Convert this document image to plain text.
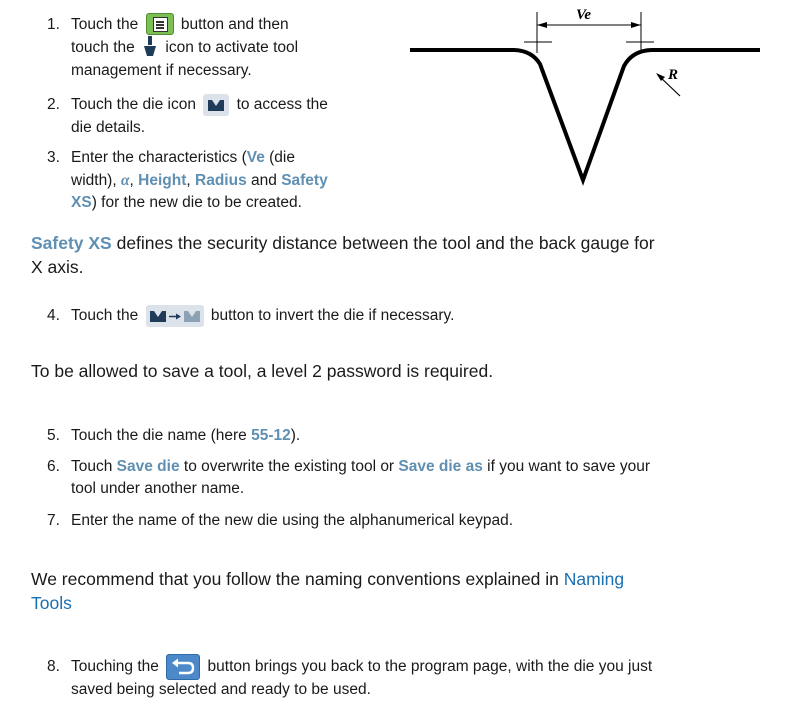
Ve
R
1. Touch the	button and then
touch the icon to activate tool
management if necessary.
2. Touch the die icon	to access the
die details.
3. Enter the characteristics (Ve (die
width), α, Height, Radius and Safety
XS) for the new die to be created.
Safety XS defines the security distance between the tool and the back gauge for
X axis.
4. Touch the	button to invert the die if necessary.
To be allowed to save a tool, a level 2 password is required.
5. Touch the die name (here 55-12).
6. Touch Save die to overwrite the existing tool or Save die as if you want to save your
tool under another name.
7. Enter the name of the new die using the alphanumerical keypad.
We recommend that you follow the naming conventions explained in Naming
Tools
8. Touching the	button brings you back to the program page, with the die you just
saved being selected and ready to be used.
